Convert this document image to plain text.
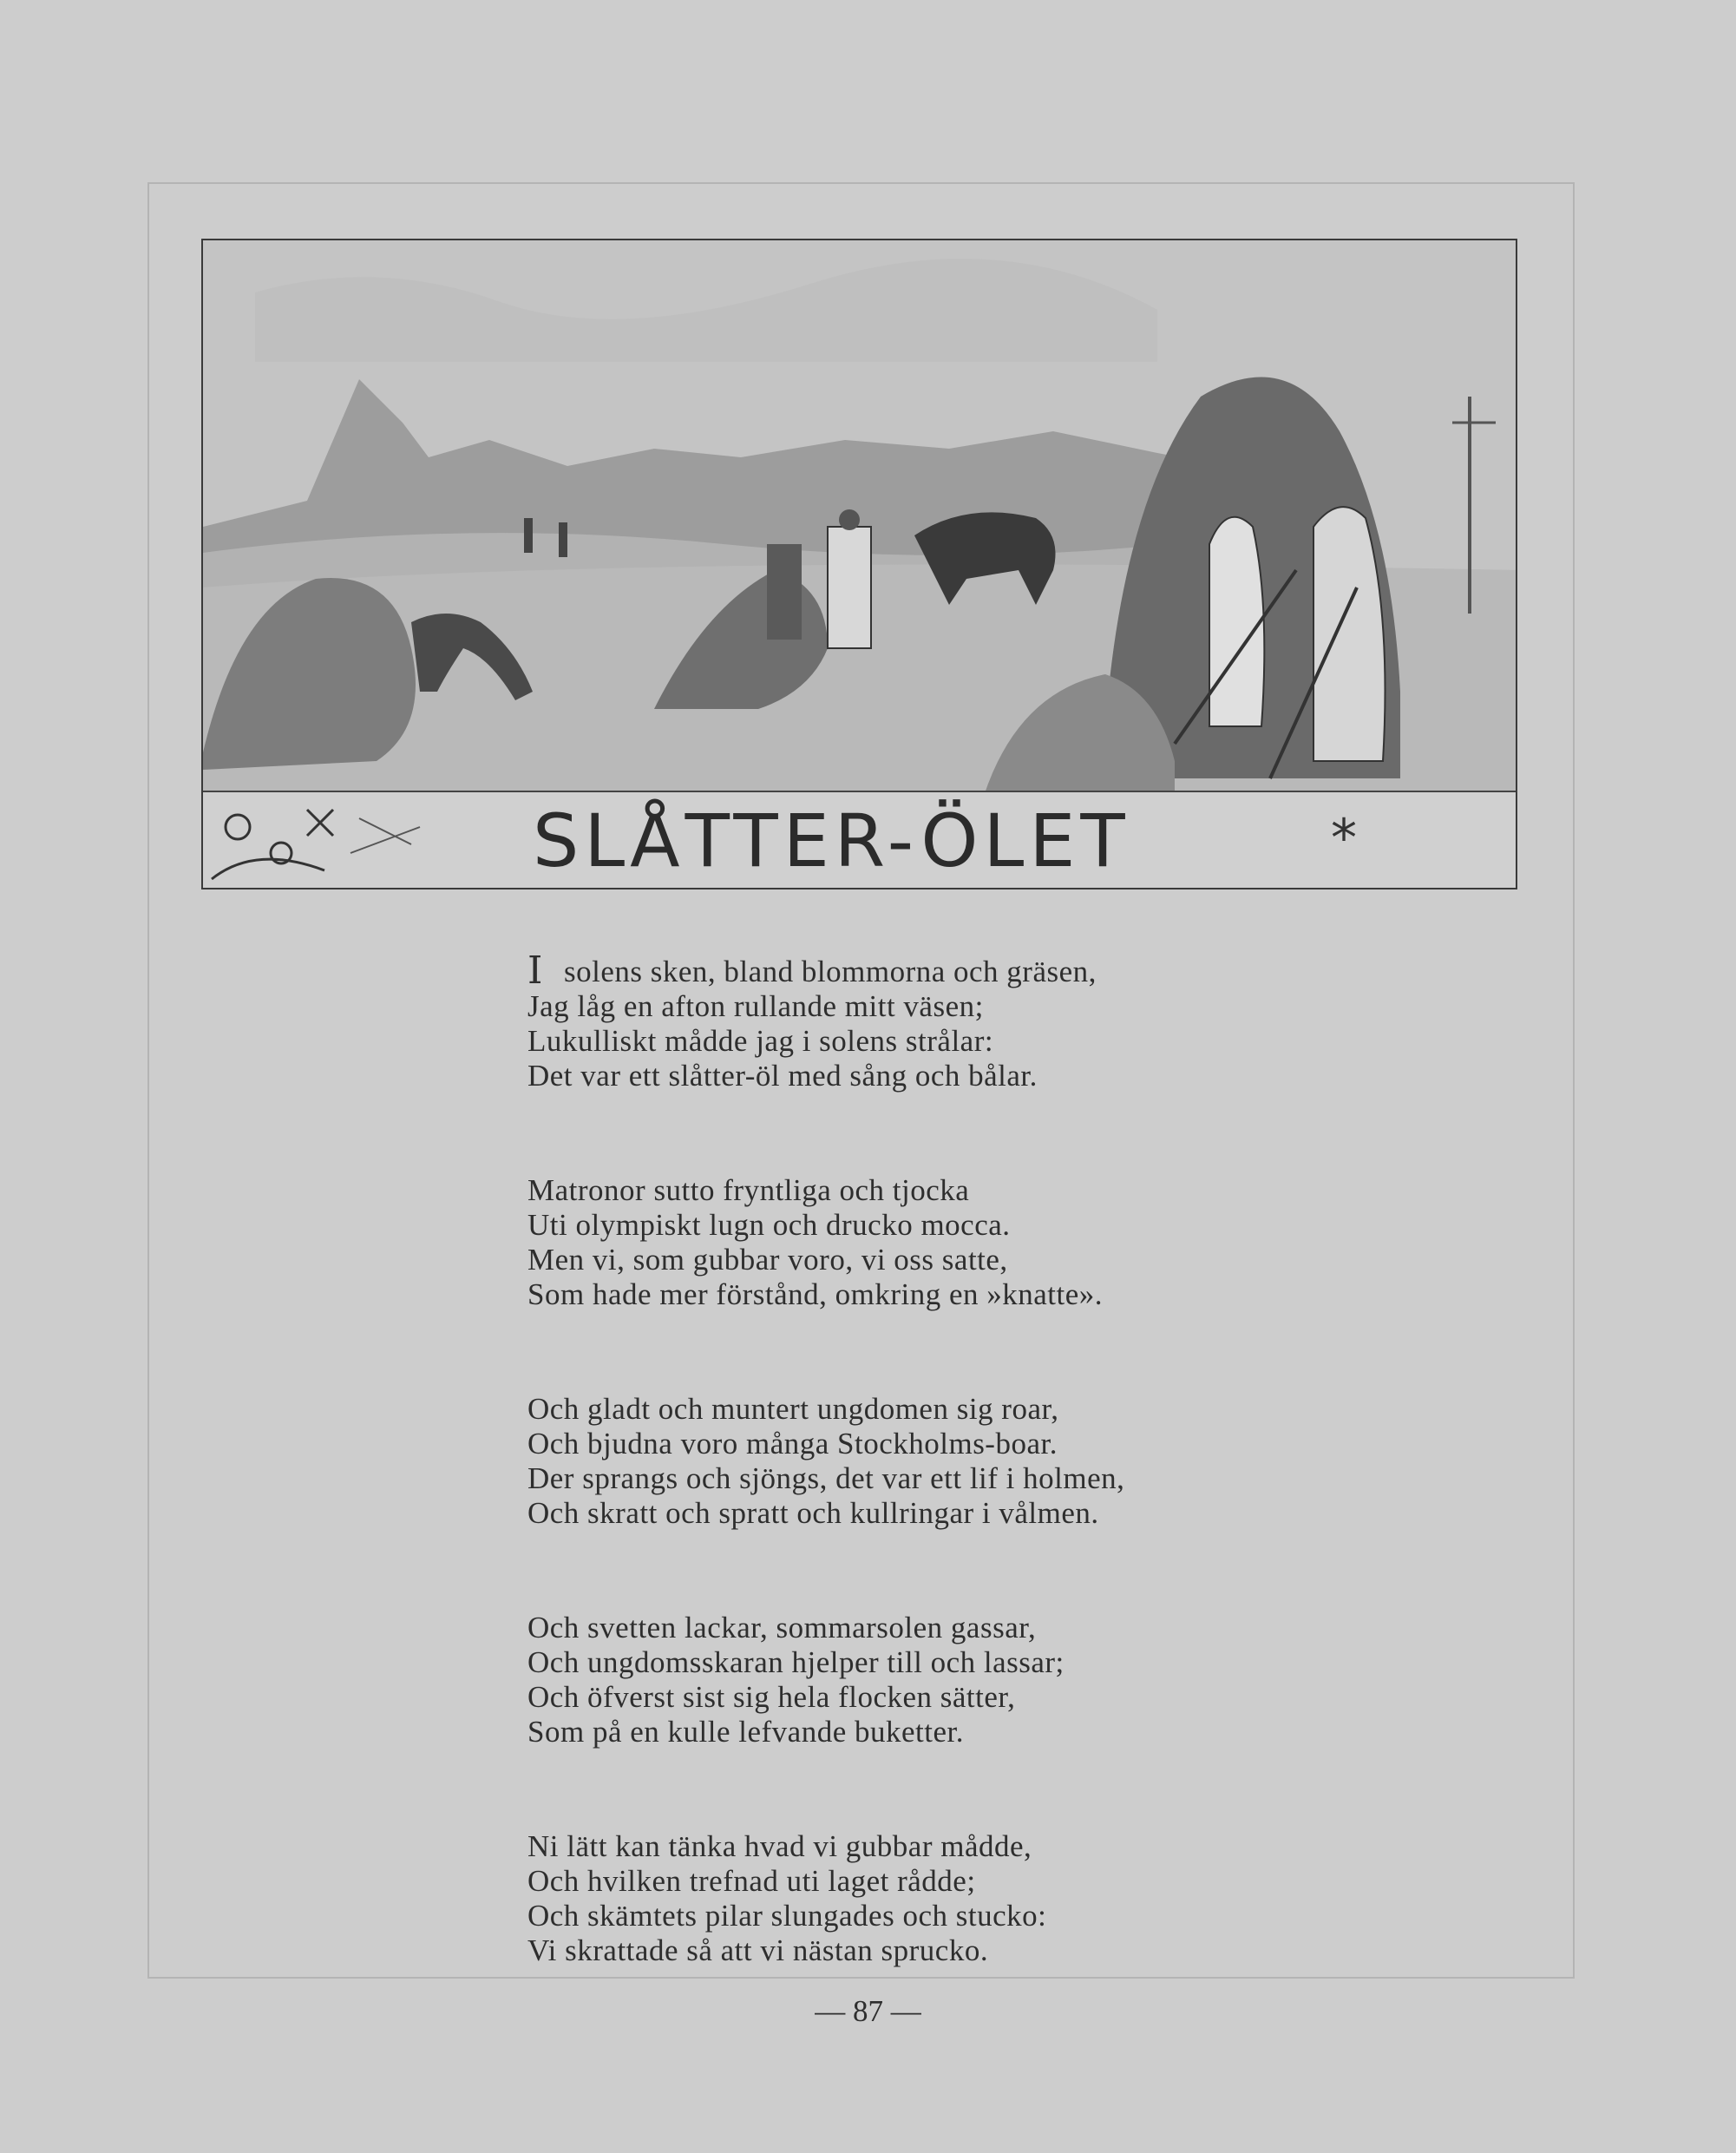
SLÅTTER-ÖLET	*
I solens sken, bland blommorna och gräsen,
Jag låg en afton rullande mitt väsen;
Lukulliskt mådde jag i solens strålar:
Det var ett slåtter-öl med sång och bålar.
Matronor sutto fryntliga och tjocka
Uti olympiskt lugn och drucko mocca.
Men vi, som gubbar voro, vi oss satte,
Som hade mer förstånd, omkring en »knatte».
Och gladt och muntert ungdomen sig roar,
Och bjudna voro många Stockholms-boar.
Der sprangs och sjöngs, det var ett lif i holmen,
Och skratt och spratt och kullringar i vålmen.
Och svetten lackar, sommarsolen gassar,
Och ungdomsskaran hjelper till och lassar;
Och öfverst sist sig hela flocken sätter,
Som på en kulle lefvande buketter.
Ni lätt kan tänka hvad vi gubbar mådde,
Och hvilken trefnad uti laget rådde;
Och skämtets pilar slungades och stucko:
Vi skrattade så att vi nästan sprucko.
— 87 —
